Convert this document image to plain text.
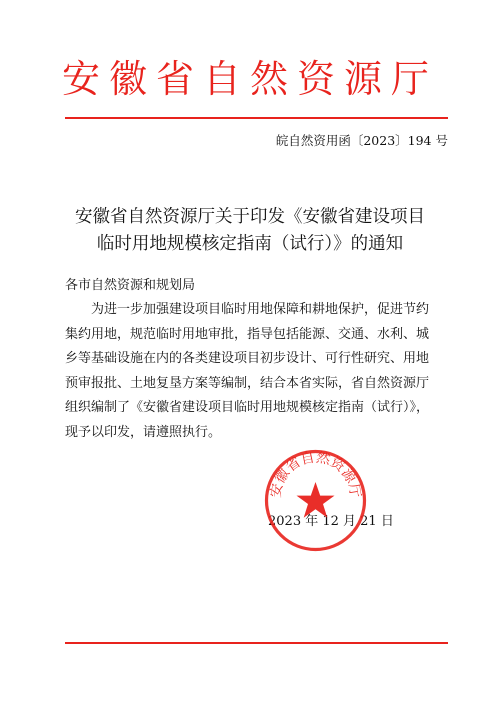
安徽省自然资源厅
皖自然资用函〔2023〕194 号
安徽省自然资源厅关于印发《安徽省建设项目
临时用地规模核定指南（试行）》的通知
各市自然资源和规划局
为进一步加强建设项目临时用地保障和耕地保护，促进节约
集约用地，规范临时用地审批，指导包括能源、交通、水利、城
乡等基础设施在内的各类建设项目初步设计、可行性研究、用地
预审报批、土地复垦方案等编制，结合本省实际，省自然资源厅
组织编制了《安徽省建设项目临时用地规模核定指南（试行）》，
现予以印发，请遵照执行。
2023 年 12 月 21 日
安徽省自然资源厅
